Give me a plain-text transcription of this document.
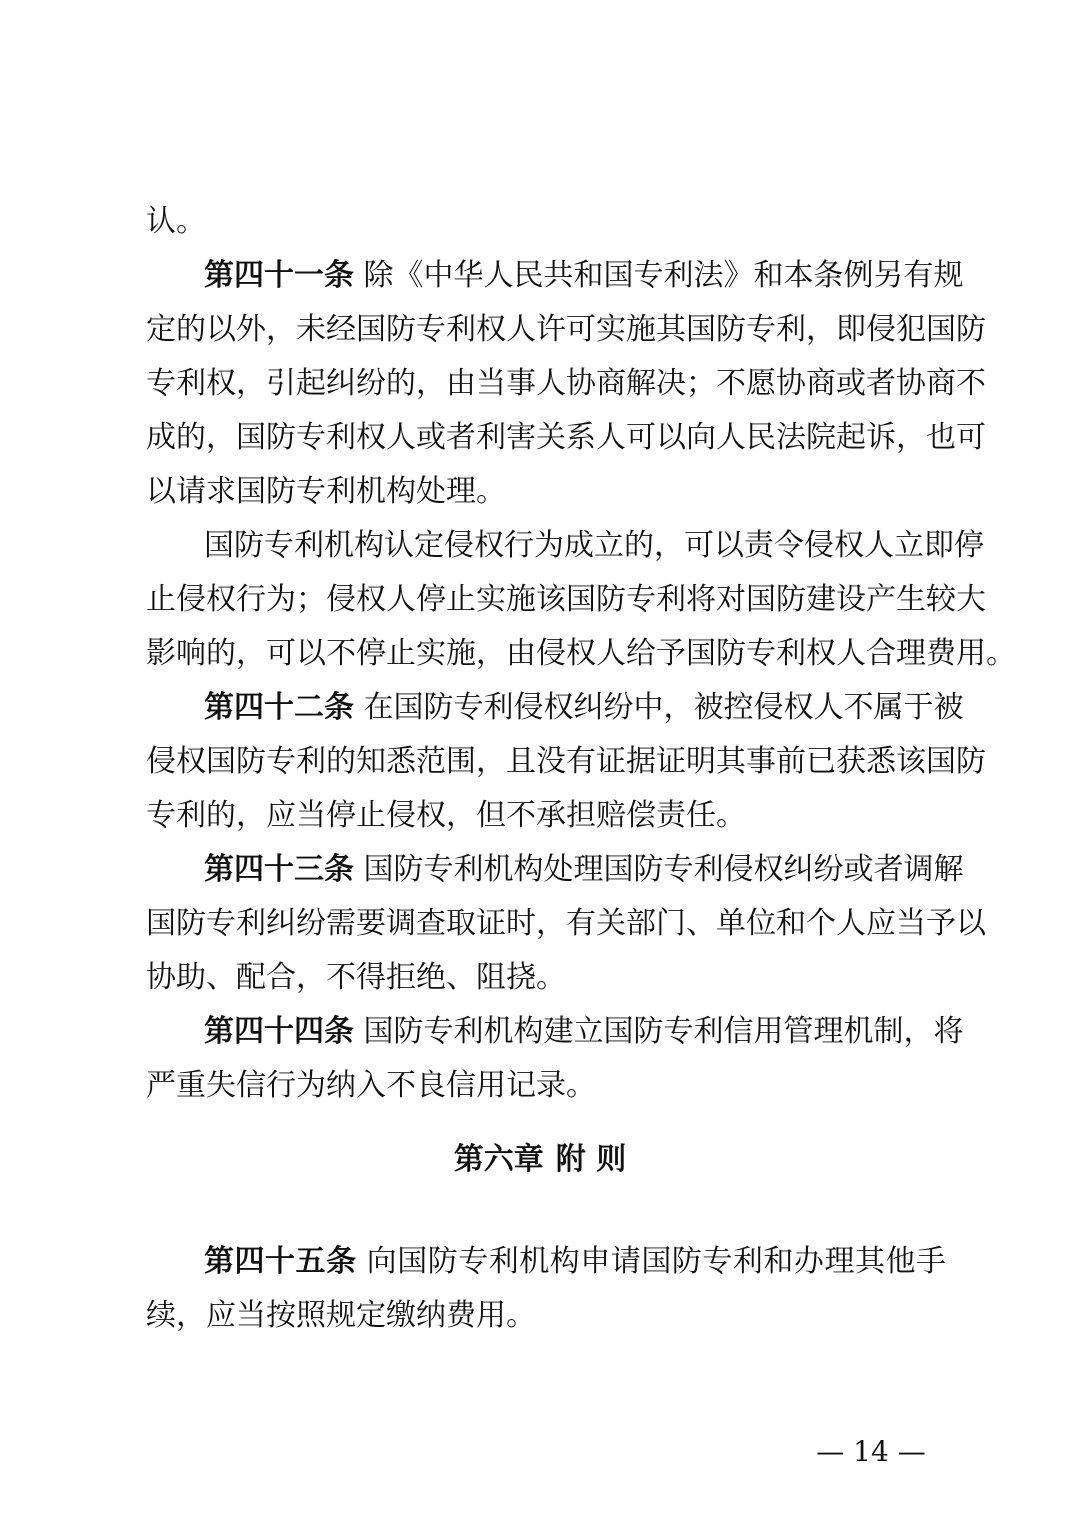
认。
第四十一条 除《中华人民共和国专利法》和本条例另有规
定的以外，未经国防专利权人许可实施其国防专利，即侵犯国防
专利权，引起纠纷的，由当事人协商解决；不愿协商或者协商不
成的，国防专利权人或者利害关系人可以向人民法院起诉，也可
以请求国防专利机构处理。
国防专利机构认定侵权行为成立的，可以责令侵权人立即停
止侵权行为；侵权人停止实施该国防专利将对国防建设产生较大
影响的，可以不停止实施，由侵权人给予国防专利权人合理费用。
第四十二条 在国防专利侵权纠纷中，被控侵权人不属于被
侵权国防专利的知悉范围，且没有证据证明其事前已获悉该国防
专利的，应当停止侵权，但不承担赔偿责任。
第四十三条 国防专利机构处理国防专利侵权纠纷或者调解
国防专利纠纷需要调查取证时，有关部门、单位和个人应当予以
协助、配合，不得拒绝、阻挠。
第四十四条 国防专利机构建立国防专利信用管理机制，将
严重失信行为纳入不良信用记录。
第四十五条 向国防专利机构申请国防专利和办理其他手
续，应当按照规定缴纳费用。
第六章 附 则
— 14 —
